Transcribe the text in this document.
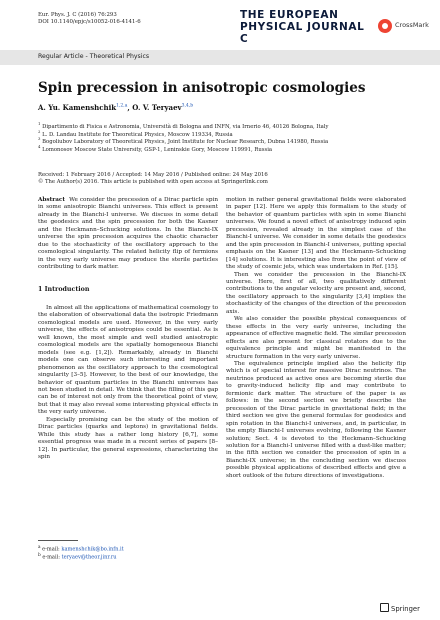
Eur. Phys. J. C (2016) 76:293
DOI 10.1140/epjc/s10052-016-4141-6
THE EUROPEAN
PHYSICAL JOURNAL C
CrossMark
Regular Article - Theoretical Physics
Spin precession in anisotropic cosmologies
A. Yu. Kamenshchik$^{1,2,a}$, O. V. Teryaev$^{3,4,b}$
$^1$ Dipartimento di Fisica e Astronomia, Università di Bologna and INFN, via Irnerio 46, 40126 Bologna, Italy
$^2$ L. D. Landau Institute for Theoretical Physics, Moscow 119334, Russia
$^3$ Bogoliubov Laboratory of Theoretical Physics, Joint Institute for Nuclear Research, Dubna 141980, Russia
$^4$ Lomonosov Moscow State University, GSP-1, Leninskie Gory, Moscow 119991, Russia
Received: 1 February 2016 / Accepted: 14 May 2016 / Published online: 24 May 2016
© The Author(s) 2016. This article is published with open access at Springerlink.com

Abstract We consider the precession of a Dirac particle spin in some anisotropic Bianchi universes. This effect is present already in the Bianchi-I universe. We discuss in some detail the geodesics and the spin precession for both the Kasner and the Heckmann–Schucking solutions. In the Bianchi-IX universe the spin precession acquires the chaotic character due to the stochasticity of the oscillatory approach to the cosmological singularity. The related helicity flip of fermions in the very early universe may produce the sterile particles contributing to dark matter.

1 Introduction

In almost all the applications of mathematical cosmology to the elaboration of observational data the isotropic Friedmann cosmological models are used. However, in the very early universe, the effects of anisotropies could be essential. As is well known, the most simple and well studied anisotropic cosmological models are the spatially homogeneous Bianchi models (see e.g. [1,2]). Remarkably, already in Bianchi models one can observe such interesting and important phenomenon as the oscillatory approach to the cosmological singularity [3–5]. However, to the best of our knowledge, the behavior of quantum particles in the Bianchi universes has not been studied in detail. We think that the filling of this gap can be of interest not only from the theoretical point of view, but that it may also reveal some interesting physical effects in the very early universe.

Especially promising can be the study of the motion of Dirac particles (quarks and leptons) in gravitational fields. While this study has a rather long history [6,7], some essential progress was made in a recent series of papers [8–12]. In particular, the general expressions, characterizing the spin

motion in rather general gravitational fields were elaborated in paper [12]. Here we apply this formalism to the study of the behavior of quantum particles with spin in some Bianchi universes. We found a novel effect of anisotropy induced spin precession, revealed already in the simplest case of the Bianchi-I universe. We consider in some details the geodesics and the spin precession in Bianchi-I universes, putting special emphasis on the Kasner [13] and the Heckmann–Schucking [14] solutions. It is interesting also from the point of view of the study of cosmic jets, which was undertaken in Ref. [15].

Then we consider the precession in the Bianchi-IX universe. Here, first of all, two qualitatively different contributions to the angular velocity are present and, second, the oscillatory approach to the singularity [3,4] implies the stochasticity of the changes of the direction of the precession axis.

We also consider the possible physical consequences of these effects in the very early universe, including the appearance of effective magnetic field. The similar precession effects are also present for classical rotators due to the equivalence principle and might be manifested in the structure formation in the very early universe.

The equivalence principle implied also the helicity flip which is of special interest for massive Dirac neutrinos. The neutrinos produced as active ones are becoming sterile due to gravity-induced helicity flip and may contribute to fermionic dark matter. The structure of the paper is as follows: in the second section we briefly describe the precession of the Dirac particle in gravitational field; in the third section we give the general formulas for geodesics and spin rotation in the Bianchi-I universes, and, in particular, in the empty Bianchi-I universes evolving, following the Kasner solution; Sect. 4 is devoted to the Heckmann–Schucking solution for a Bianchi-I universe filled with a dust-like matter; in the fifth section we consider the precession of spin in a Bianchi-IX universe; in the concluding section we discuss possible physical applications of described effects and give a short outlook of the future directions of investigations.

$^a$ e-mail: kamenshchik@bo.infn.it
$^b$ e-mail: teryaev@theor.jinr.ru
Springer
